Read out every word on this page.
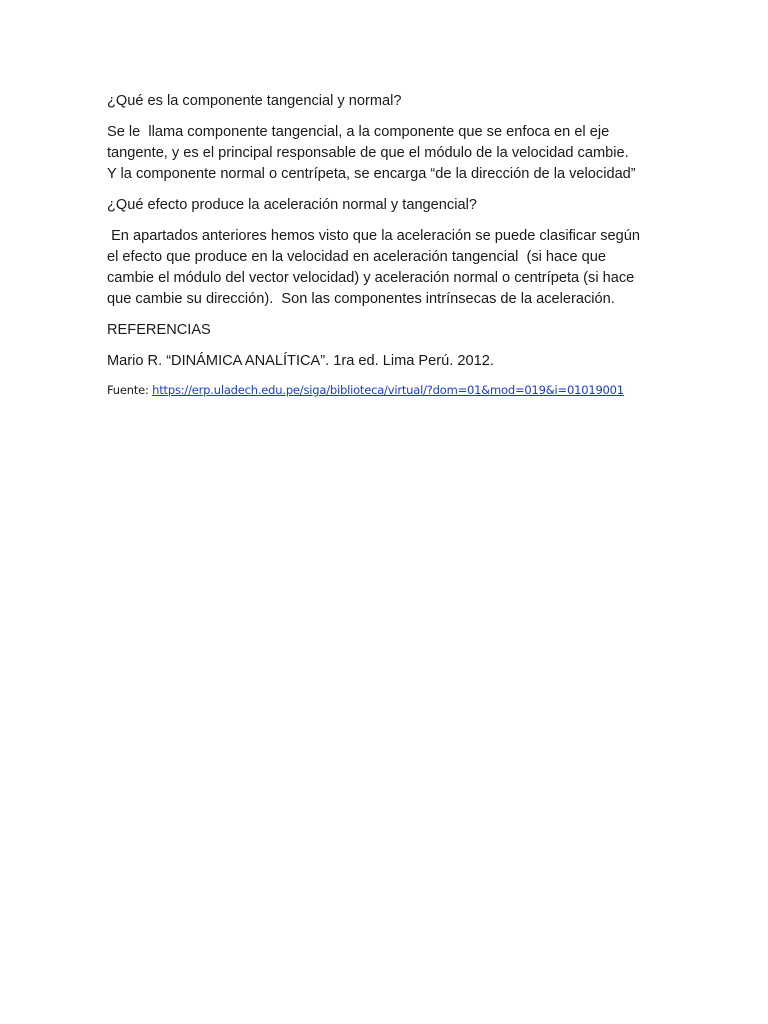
¿Qué es la componente tangencial y normal?

Se le  llama componente tangencial, a la componente que se enfoca en el eje

tangente, y es el principal responsable de que el módulo de la velocidad cambie.

Y la componente normal o centrípeta, se encarga “de la dirección de la velocidad”

¿Qué efecto produce la aceleración normal y tangencial?

En apartados anteriores hemos visto que la aceleración se puede clasificar según

el efecto que produce en la velocidad en aceleración tangencial  (si hace que

cambie el módulo del vector velocidad) y aceleración normal o centrípeta (si hace

que cambie su dirección).  Son las componentes intrínsecas de la aceleración.

REFERENCIAS

Mario R. “DINÁMICA ANALÍTICA”. 1ra ed. Lima Perú. 2012.

Fuente: https://erp.uladech.edu.pe/siga/biblioteca/virtual/?dom=01&mod=019&i=01019001
